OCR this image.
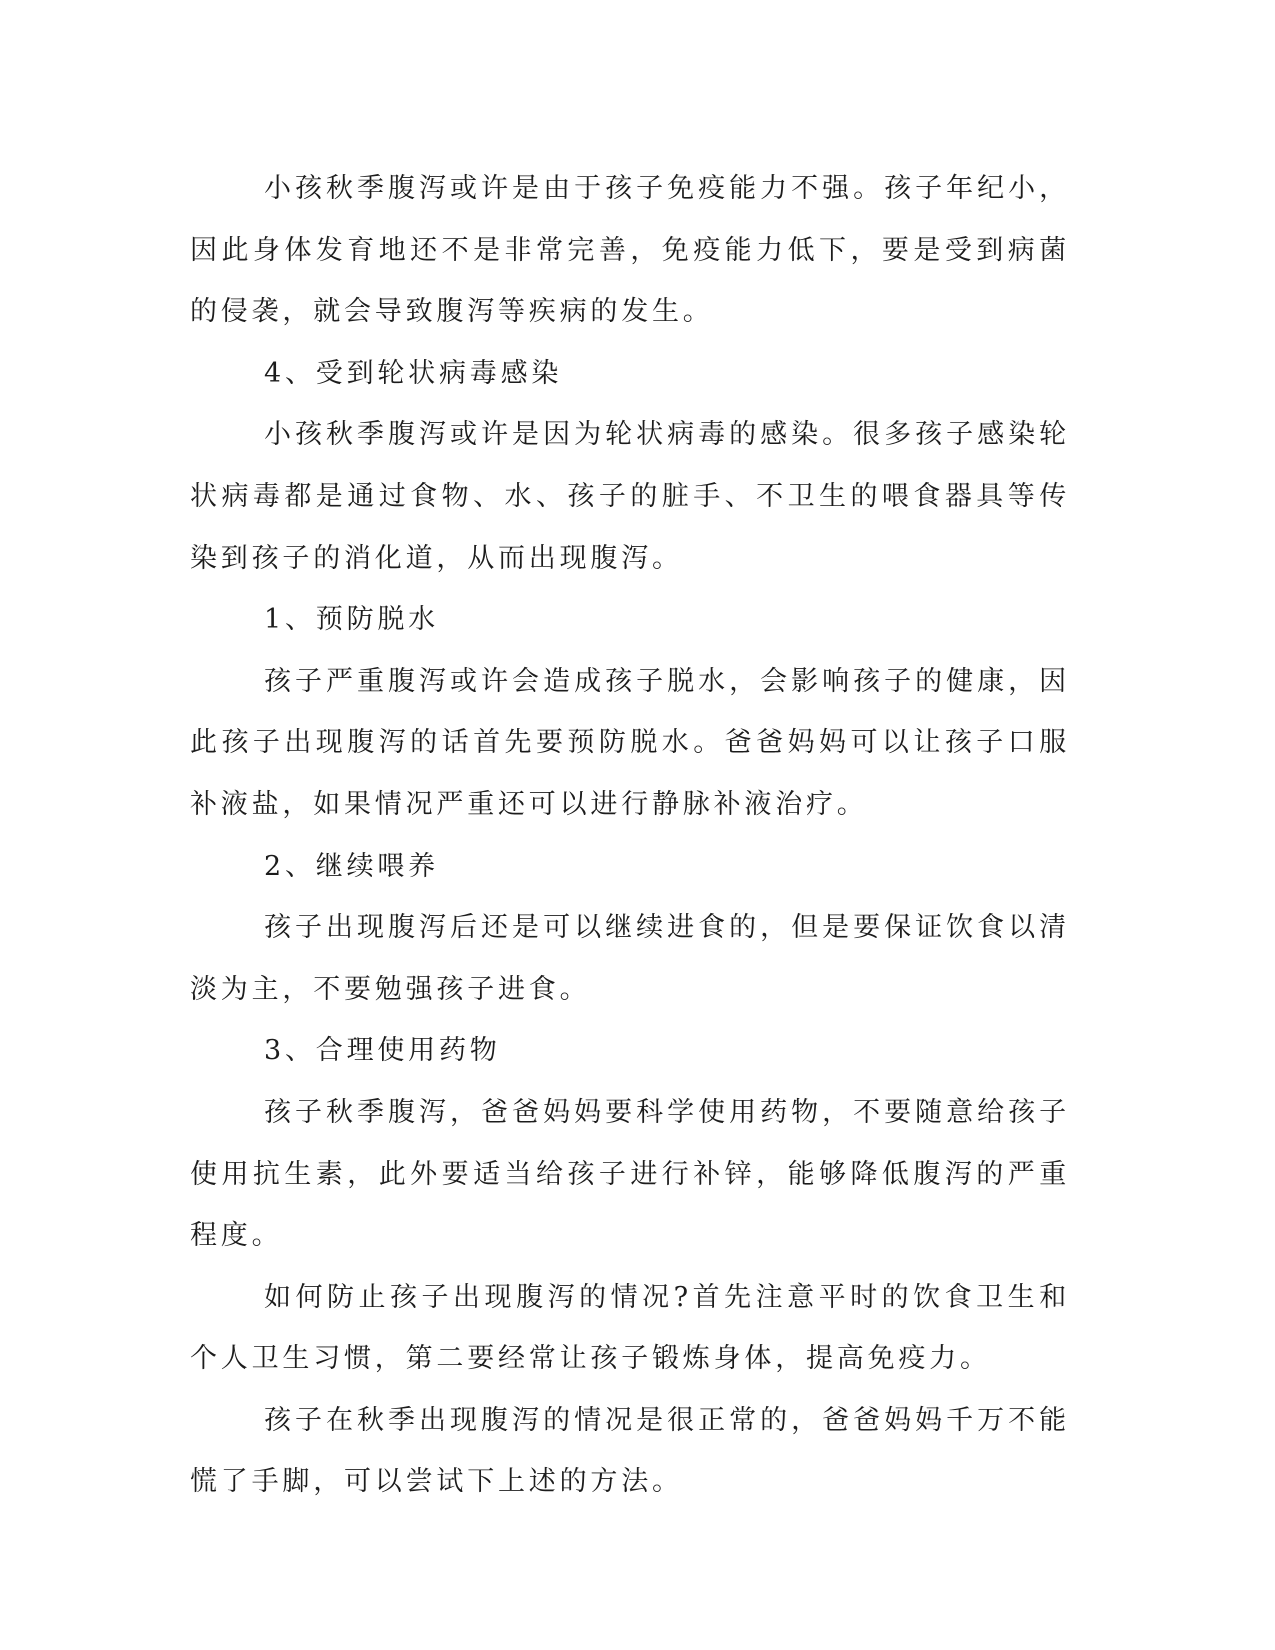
小孩秋季腹泻或许是由于孩子免疫能力不强。孩子年纪小，因此身体发育地还不是非常完善，免疫能力低下，要是受到病菌的侵袭，就会导致腹泻等疾病的发生。

4、受到轮状病毒感染

小孩秋季腹泻或许是因为轮状病毒的感染。很多孩子感染轮状病毒都是通过食物、水、孩子的脏手、不卫生的喂食器具等传染到孩子的消化道，从而出现腹泻。

1、预防脱水

孩子严重腹泻或许会造成孩子脱水，会影响孩子的健康，因此孩子出现腹泻的话首先要预防脱水。爸爸妈妈可以让孩子口服补液盐，如果情况严重还可以进行静脉补液治疗。

2、继续喂养

孩子出现腹泻后还是可以继续进食的，但是要保证饮食以清淡为主，不要勉强孩子进食。

3、合理使用药物

孩子秋季腹泻，爸爸妈妈要科学使用药物，不要随意给孩子使用抗生素，此外要适当给孩子进行补锌，能够降低腹泻的严重程度。

如何防止孩子出现腹泻的情况?首先注意平时的饮食卫生和个人卫生习惯，第二要经常让孩子锻炼身体，提高免疫力。

孩子在秋季出现腹泻的情况是很正常的，爸爸妈妈千万不能慌了手脚，可以尝试下上述的方法。
